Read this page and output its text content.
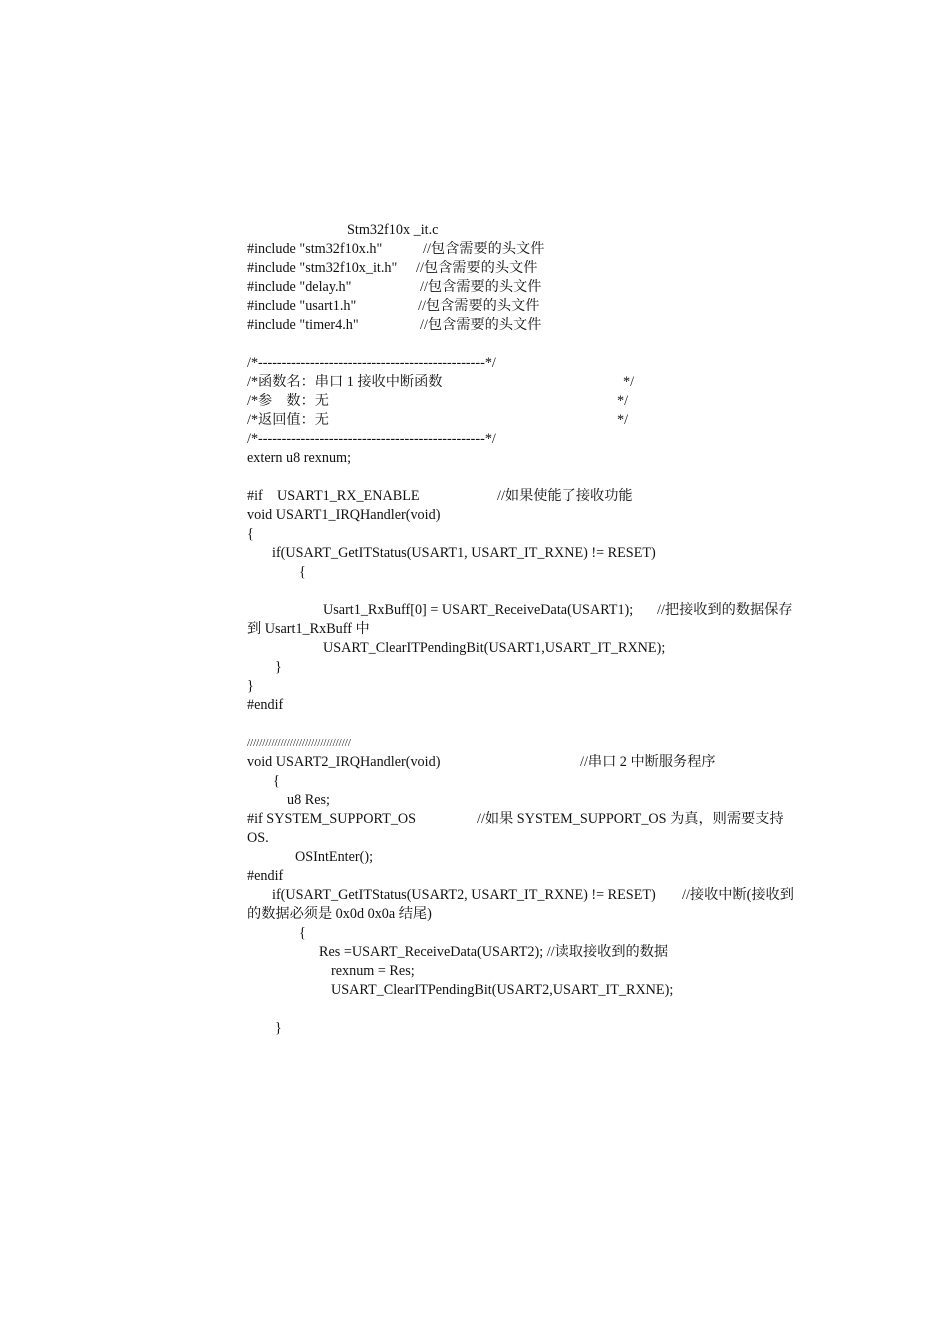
Stm32f10x _it.c
#include "stm32f10x.h"	//包含需要的头文件
#include "stm32f10x_it.h" //包含需要的头文件
#include "delay.h"	//包含需要的头文件
#include "usart1.h"	//包含需要的头文件
#include "timer4.h"	//包含需要的头文件
/*------------------------------------------------*/
/*函数名：串口 1 接收中断函数	*/
/*参　数：无	*/
/*返回值：无	*/
/*------------------------------------------------*/
extern u8 rexnum;
#if　USART1_RX_ENABLE	//如果使能了接收功能
void USART1_IRQHandler(void)
{
if(USART_GetITStatus(USART1, USART_IT_RXNE) != RESET)
{
Usart1_RxBuff[0] = USART_ReceiveData(USART1); //把接收到的数据保存
到 Usart1_RxBuff 中
USART_ClearITPendingBit(USART1,USART_IT_RXNE);
}
}
#endif
//////////////////////////////////
void USART2_IRQHandler(void)	//串口 2 中断服务程序
{
u8 Res;
#if SYSTEM_SUPPORT_OS	//如果 SYSTEM_SUPPORT_OS 为真，则需要支持
OS.
OSIntEnter();
#endif
if(USART_GetITStatus(USART2, USART_IT_RXNE) != RESET) //接收中断(接收到
的数据必须是 0x0d 0x0a 结尾)
{
Res =USART_ReceiveData(USART2); //读取接收到的数据
rexnum = Res;
USART_ClearITPendingBit(USART2,USART_IT_RXNE);
}
